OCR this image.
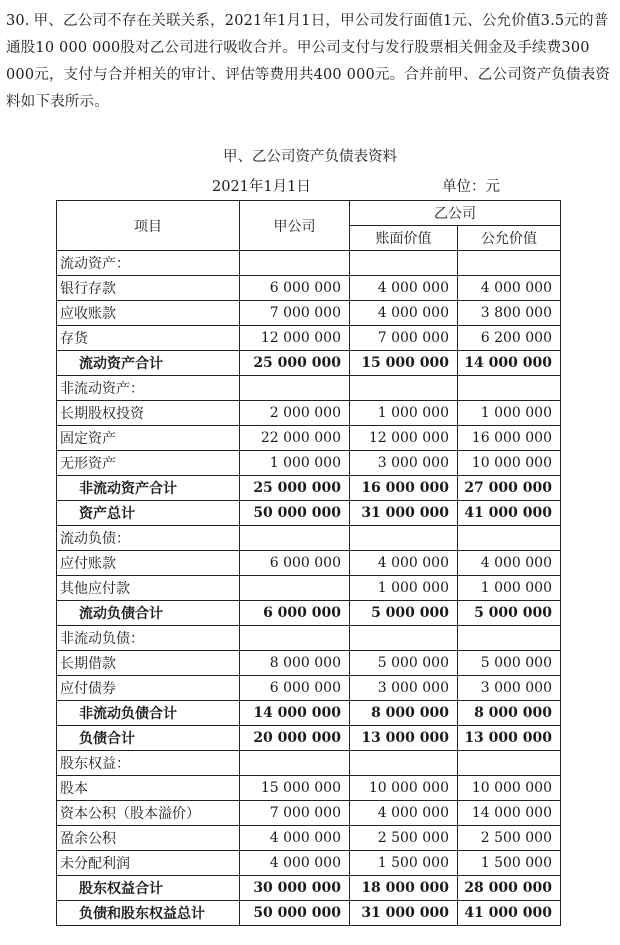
30. 甲、乙公司不存在关联关系，2021年1月1日，甲公司发行面值1元、公允价值3.5元的普通股10 000 000股对乙公司进行吸收合并。甲公司支付与发行股票相关佣金及手续费300 000元，支付与合并相关的审计、评估等费用共400 000元。合并前甲、乙公司资产负债表资料如下表所示。
甲、乙公司资产负债表资料
2021年1月1日	单位：元
项目	甲公司	乙公司	
		账面价值	公允价值
流动资产：			
银行存款	6 000 000	4 000 000	4 000 000
应收账款	7 000 000	4 000 000	3 800 000
存货	12 000 000	7 000 000	6 200 000
流动资产合计	25 000 000	15 000 000	14 000 000
非流动资产：			
长期股权投资	2 000 000	1 000 000	1 000 000
固定资产	22 000 000	12 000 000	16 000 000
无形资产	1 000 000	3 000 000	10 000 000
非流动资产合计	25 000 000	16 000 000	27 000 000
资产总计	50 000 000	31 000 000	41 000 000
流动负债：			
应付账款	6 000 000	4 000 000	4 000 000
其他应付款		1 000 000	1 000 000
流动负债合计	6 000 000	5 000 000	5 000 000
非流动负债：			
长期借款	8 000 000	5 000 000	5 000 000
应付债券	6 000 000	3 000 000	3 000 000
非流动负债合计	14 000 000	8 000 000	8 000 000
负债合计	20 000 000	13 000 000	13 000 000
股东权益：			
股本	15 000 000	10 000 000	10 000 000
资本公积（股本溢价）	7 000 000	4 000 000	14 000 000
盈余公积	4 000 000	2 500 000	2 500 000
未分配利润	4 000 000	1 500 000	1 500 000
股东权益合计	30 000 000	18 000 000	28 000 000
负债和股东权益总计	50 000 000	31 000 000	41 000 000
